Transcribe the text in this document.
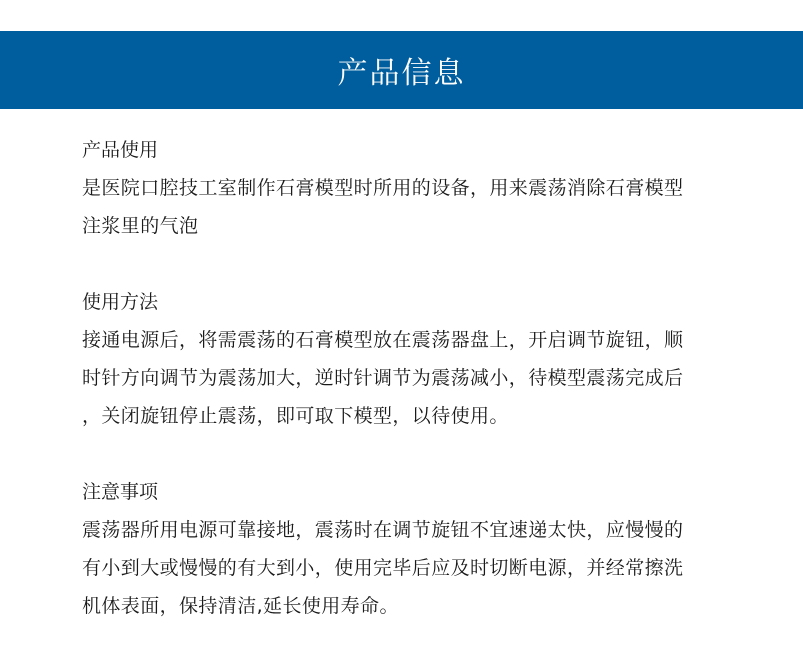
产品信息
产品使用

是医院口腔技工室制作石膏模型时所用的设备，用来震荡消除石膏模型

注浆里的气泡

使用方法

接通电源后，将需震荡的石膏模型放在震荡器盘上，开启调节旋钮，顺

时针方向调节为震荡加大，逆时针调节为震荡减小，待模型震荡完成后

，关闭旋钮停止震荡，即可取下模型，以待使用。

注意事项

震荡器所用电源可靠接地，震荡时在调节旋钮不宜速递太快，应慢慢的

有小到大或慢慢的有大到小，使用完毕后应及时切断电源，并经常擦洗

机体表面，保持清洁,延长使用寿命。
